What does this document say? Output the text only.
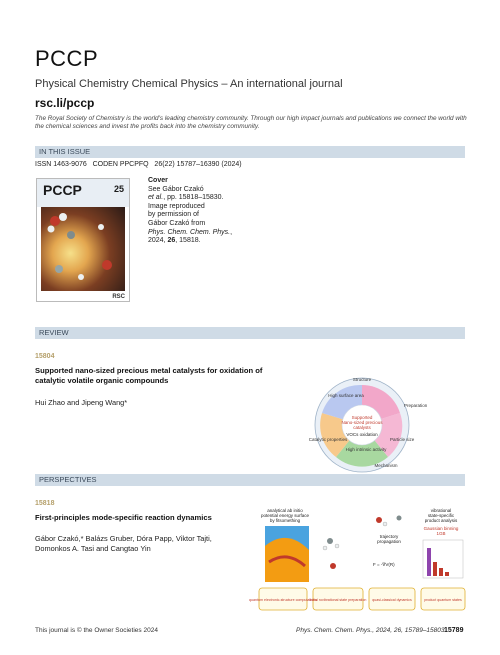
PCCP
Physical Chemistry Chemical Physics – An international journal
rsc.li/pccp
The Royal Society of Chemistry is the world’s leading chemistry community. Through our high impact journals and publications we connect the world with the chemical sciences and invest the profits back into the chemistry community.
IN THIS ISSUE
ISSN 1463-9076   CODEN PPCPFQ   26(22) 15787–16390 (2024)
PCCP	25
RSC
Cover
See Gábor Czakó
et al., pp. 15818–15830.
Image reproduced
by permission of
Gábor Czakó from
Phys. Chem. Chem. Phys.,
2024, 26, 15818.
REVIEW
15804
Supported nano-sized precious metal catalysts for oxidation of catalytic volatile organic compounds
Hui Zhao and Jipeng Wang*
Supported
Nano-sized precious
catalysts
VOCs oxidation
Structure
High surface area
Preparation
Catalytic properties
High intrinsic activity
Particle size
Mechanism
PERSPECTIVES
15818
First-principles mode-specific reaction dynamics
Gábor Czakó,* Balázs Gruber, Dóra Papp, Viktor Tajti, Domonkos A. Tasi and Cangtao Yin
analytical ab initio
potential energy surface
by fitsomething
trajectory
propagation
F = -∇V(R)
vibrational
state-specific
product analysis
Gaussian binning
1GB
quantum electronic-structure computations
initial rovibrational state preparation quasi-classical dynamics	product quantum states
This journal is © the Owner Societies 2024	Phys. Chem. Chem. Phys., 2024, 26, 15789–15803 15789
